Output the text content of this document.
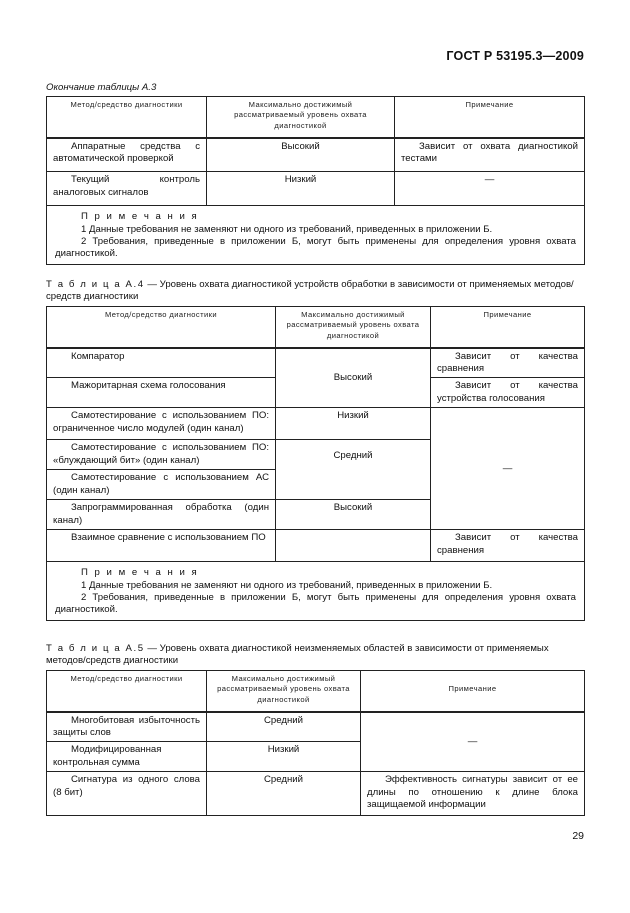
ГОСТ Р 53195.3—2009
Окончание таблицы А.3
Метод/средство диагностики	Максимально достижимый рассматриваемый уровень охвата диагностикой	Примечание

Аппаратные средства с автоматической проверкой	Высокий	Зависит от охвата диагностикой тестами
Текущий контроль аналоговых сигналов	Низкий	—

П р и м е ч а н и я

1 Данные требования не заменяют ни одного из требований, приведенных в приложении Б.

2 Требования, приведенные в приложении Б, могут быть применены для определения уровня охвата диагностикой.		

Т а б л и ц а А.4 — Уровень охвата диагностикой устройств обработки в зависимости от применяемых методов/средств диагностики
Метод/средство диагностики	Максимально достижимый рассматриваемый уровень охвата диагностикой	Примечание

Компаратор	Высокий	Зависит от качества сравнения
Мажоритарная схема голосования		Зависит от качества устройства голосования
Самотестирование с использованием ПО: ограниченное число модулей (один канал)	Низкий	—
Самотестирование с использованием ПО: «блуждающий бит» (один канал)	Средний	
Самотестирование с использованием АС (один канал)		
Запрограммированная обработка (один канал)	Высокий	
Взаимное сравнение с использованием ПО		Зависит от качества сравнения

П р и м е ч а н и я

1 Данные требования не заменяют ни одного из требований, приведенных в приложении Б.

2 Требования, приведенные в приложении Б, могут быть применены для определения уровня охвата диагностикой.		

Т а б л и ц а А.5 — Уровень охвата диагностикой неизменяемых областей в зависимости от применяемых методов/средств диагностики
Метод/средство диагностики	Максимально достижимый рассматриваемый уровень охвата диагностикой	Примечание

Многобитовая избыточность защиты слов	Средний	—
Модифицированная контрольная сумма	Низкий	
Сигнатура из одного слова (8 бит)	Средний	Эффективность сигнатуры зависит от ее длины по отношению к длине блока защищаемой информации
29
